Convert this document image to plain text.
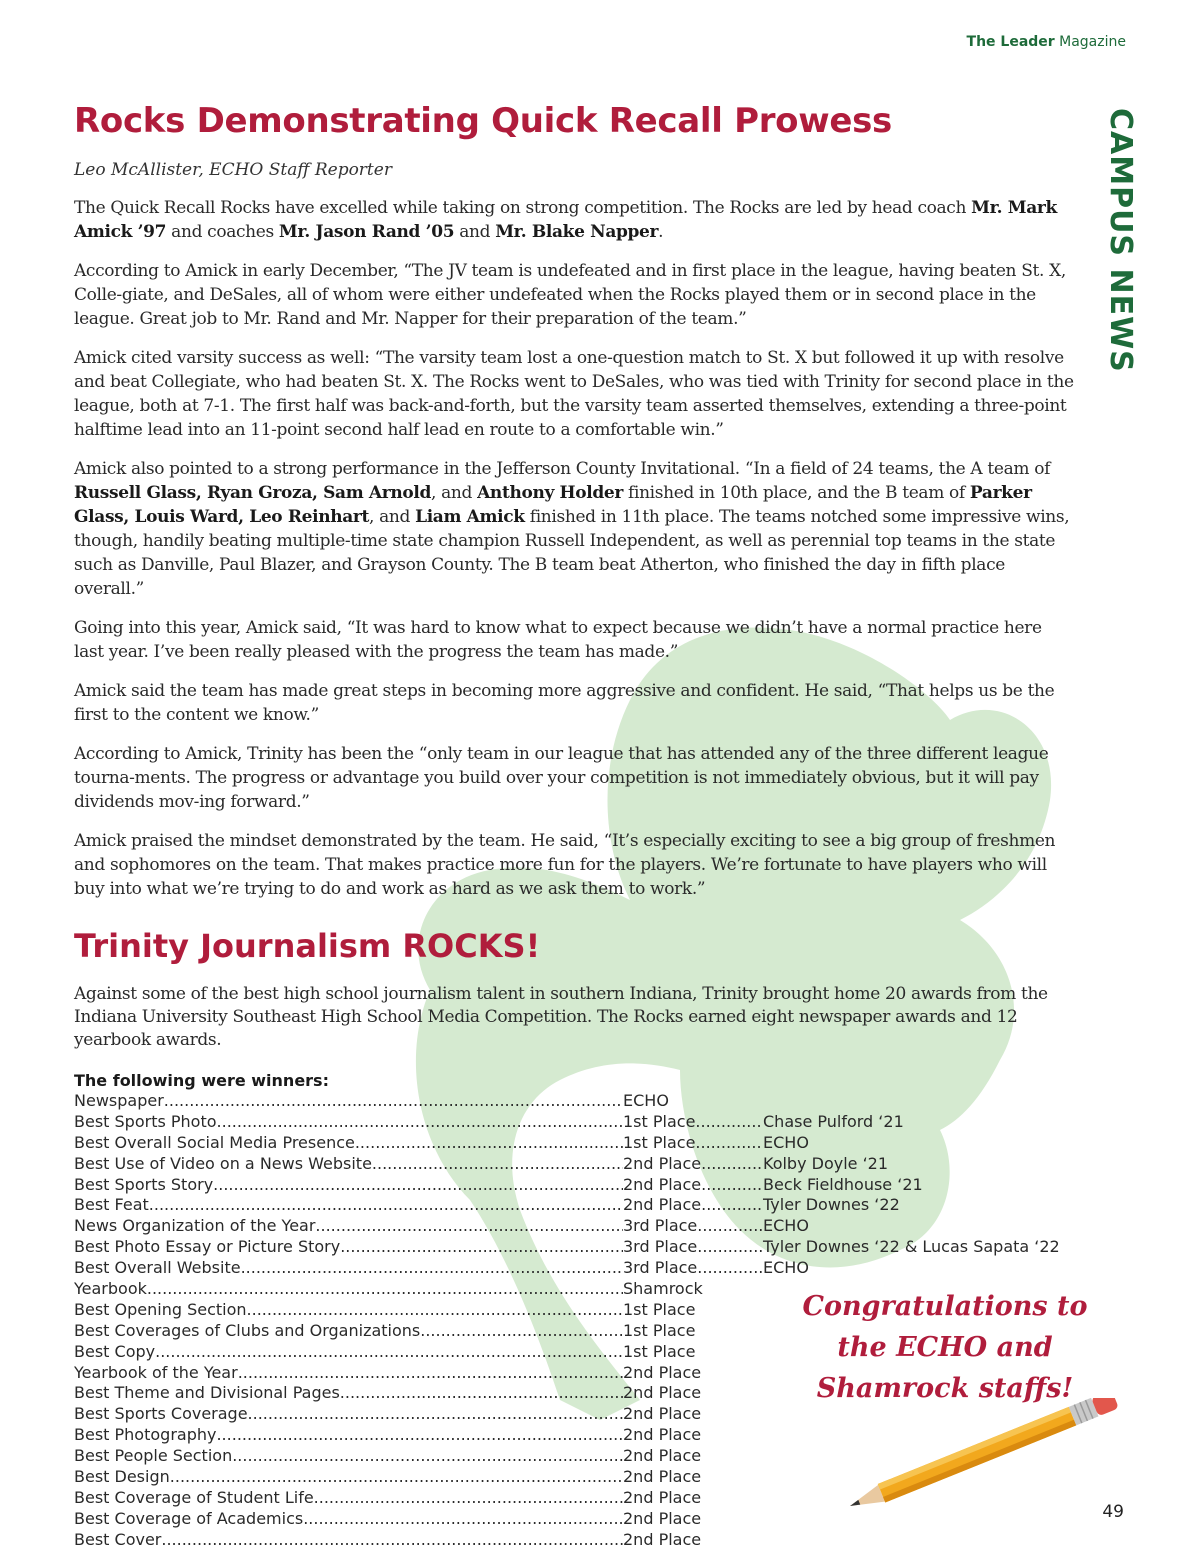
The Leader Magazine
CAMPUS NEWS
Rocks Demonstrating Quick Recall Prowess
Leo McAllister, ECHO Staff Reporter

The Quick Recall Rocks have excelled while taking on strong competition. The Rocks are led by head coach Mr. Mark Amick ’97 and coaches Mr. Jason Rand ’05 and Mr. Blake Napper.

According to Amick in early December, “The JV team is undefeated and in first place in the league, having beaten St. X, Colle-giate, and DeSales, all of whom were either undefeated when the Rocks played them or in second place in the league. Great job to Mr. Rand and Mr. Napper for their preparation of the team.”

Amick cited varsity success as well: “The varsity team lost a one-question match to St. X but followed it up with resolve and beat Collegiate, who had beaten St. X. The Rocks went to DeSales, who was tied with Trinity for second place in the league, both at 7-1. The first half was back-and-forth, but the varsity team asserted themselves, extending a three-point halftime lead into an 11-point second half lead en route to a comfortable win.”

Amick also pointed to a strong performance in the Jefferson County Invitational. “In a field of 24 teams, the A team of Russell Glass, Ryan Groza, Sam Arnold, and Anthony Holder finished in 10th place, and the B team of Parker Glass, Louis Ward, Leo Reinhart, and Liam Amick finished in 11th place. The teams notched some impressive wins, though, handily beating multiple-time state champion Russell Independent, as well as perennial top teams in the state such as Danville, Paul Blazer, and Grayson County. The B team beat Atherton, who finished the day in fifth place overall.”

Going into this year, Amick said, “It was hard to know what to expect because we didn’t have a normal practice here last year. I’ve been really pleased with the progress the team has made.”

Amick said the team has made great steps in becoming more aggressive and confident. He said, “That helps us be the first to the content we know.”

According to Amick, Trinity has been the “only team in our league that has attended any of the three different league tourna-ments. The progress or advantage you build over your competition is not immediately obvious, but it will pay dividends mov-ing forward.”

Amick praised the mindset demonstrated by the team. He said, “It’s especially exciting to see a big group of freshmen and sophomores on the team. That makes practice more fun for the players. We’re fortunate to have players who will buy into what we’re trying to do and work as hard as we ask them to work.”

Trinity Journalism ROCKS!
Against some of the best high school journalism talent in southern Indiana, Trinity brought home 20 awards from the Indiana University Southeast High School Media Competition. The Rocks earned eight newspaper awards and 12 yearbook awards.
The following were winners:
Newspaper .....	ECHO
Best Sports Photo .....	1st Place .....	Chase Pulford ‘21
Best Overall Social Media Presence .....	1st Place .....	ECHO
Best Use of Video on a News Website .....	2nd Place .....	Kolby Doyle ‘21
Best Sports Story .....	2nd Place .....	Beck Fieldhouse ‘21
Best Feat .....	2nd Place .....	Tyler Downes ‘22
News Organization of the Year .....	3rd Place .....	ECHO
Best Photo Essay or Picture Story .....	3rd Place .....	Tyler Downes ‘22 & Lucas Sapata ‘22
Best Overall Website .....	3rd Place .....	ECHO
Yearbook .....	Shamrock
Best Opening Section .....	1st Place
Best Coverages of Clubs and Organizations .....	1st Place
Best Copy .....	1st Place
Yearbook of the Year .....	2nd Place
Best Theme and Divisional Pages .....	2nd Place
Best Sports Coverage .....	2nd Place
Best Photography .....	2nd Place
Best People Section .....	2nd Place
Best Design .....	2nd Place
Best Coverage of Student Life .....	2nd Place
Best Coverage of Academics .....	2nd Place
Best Cover .....	2nd Place
Congratulations to
the ECHO and
Shamrock staffs!
49
